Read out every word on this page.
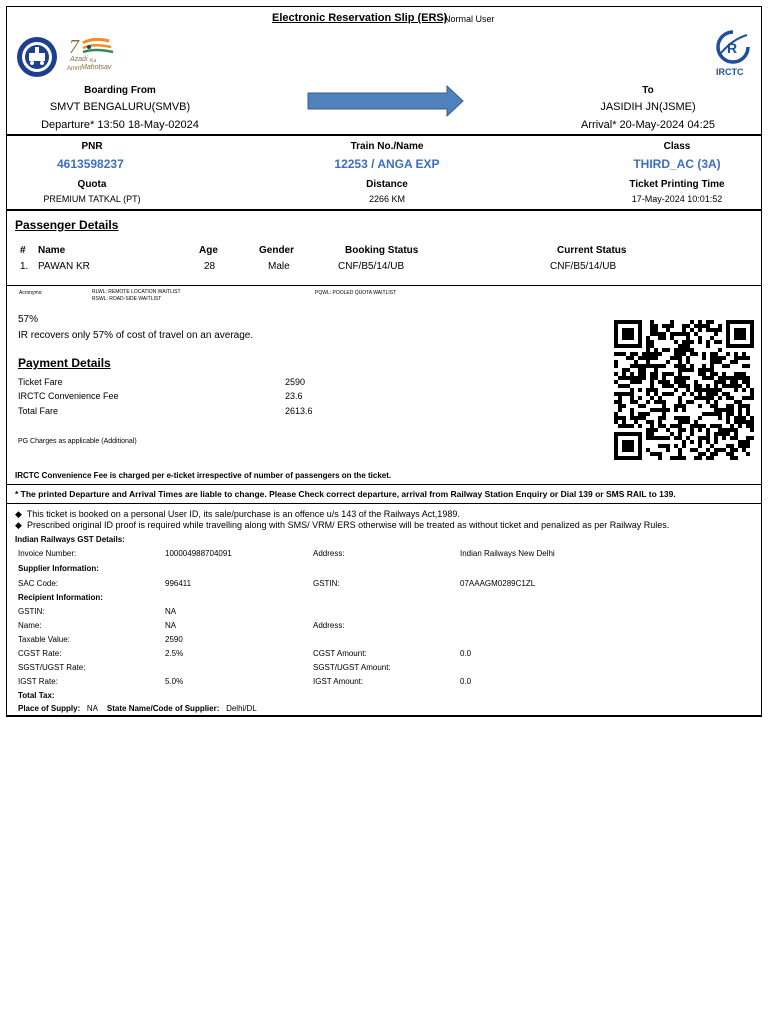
Electronic Reservation Slip (ERS)
-Normal User
7
Azadi Ka
Amrit Mahotsav
R
IRCTC
Boarding From
SMVT BENGALURU(SMVB)
Departure* 13:50 18-May-02024
To
JASIDIH JN(JSME)
Arrival* 20-May-2024 04:25
PNR
4613598237
Train No./Name
12253 / ANGA EXP
Class
THIRD_AC (3A)
Quota
PREMIUM TATKAL (PT)
Distance
2266 KM
Ticket Printing Time
17-May-2024 10:01:52
Passenger Details
# Name	Age	Gender	Booking Status	Current Status
1. PAWAN KR	28	Male	CNF/B5/14/UB	CNF/B5/14/UB
Acronyms:	RLWL: REMOTE LOCATION WAITLIST
RSWL: ROAD-SIDE WAITLIST
PQWL: POOLED QUOTA WAITLIST
57%
IR recovers only 57% of cost of travel on an average.
Payment Details
Ticket Fare	2590
IRCTC Convenience Fee	23.6
Total Fare	2613.6
PG Charges as applicable (Additional)
IRCTC Convenience Fee is charged per e-ticket irrespective of number of passengers on the ticket.
* The printed Departure and Arrival Times are liable to change. Please Check correct departure, arrival from Railway Station Enquiry or Dial 139 or SMS RAIL to 139.
◆ This ticket is booked on a personal User ID, its sale/purchase is an offence u/s 143 of the Railways Act,1989.
◆ Prescribed original ID proof is required while travelling along with SMS/ VRM/ ERS otherwise will be treated as without ticket and penalized as per Railway Rules.
Indian Railways GST Details:
Invoice Number:	100004988704091	Address:	Indian Railways New Delhi
Supplier Information:
SAC Code:	996411	GSTIN:	07AAAGM0289C1ZL
Recipient Information:
GSTIN:	NA
Name:	NA	Address:
Taxable Value:	2590
CGST Rate:	2.5%	CGST Amount:	0.0
SGST/UGST Rate:	SGST/UGST Amount:
IGST Rate:	5.0%	IGST Amount:	0.0
Total Tax:
Place of Supply: NA State Name/Code of Supplier: Delhi/DL
